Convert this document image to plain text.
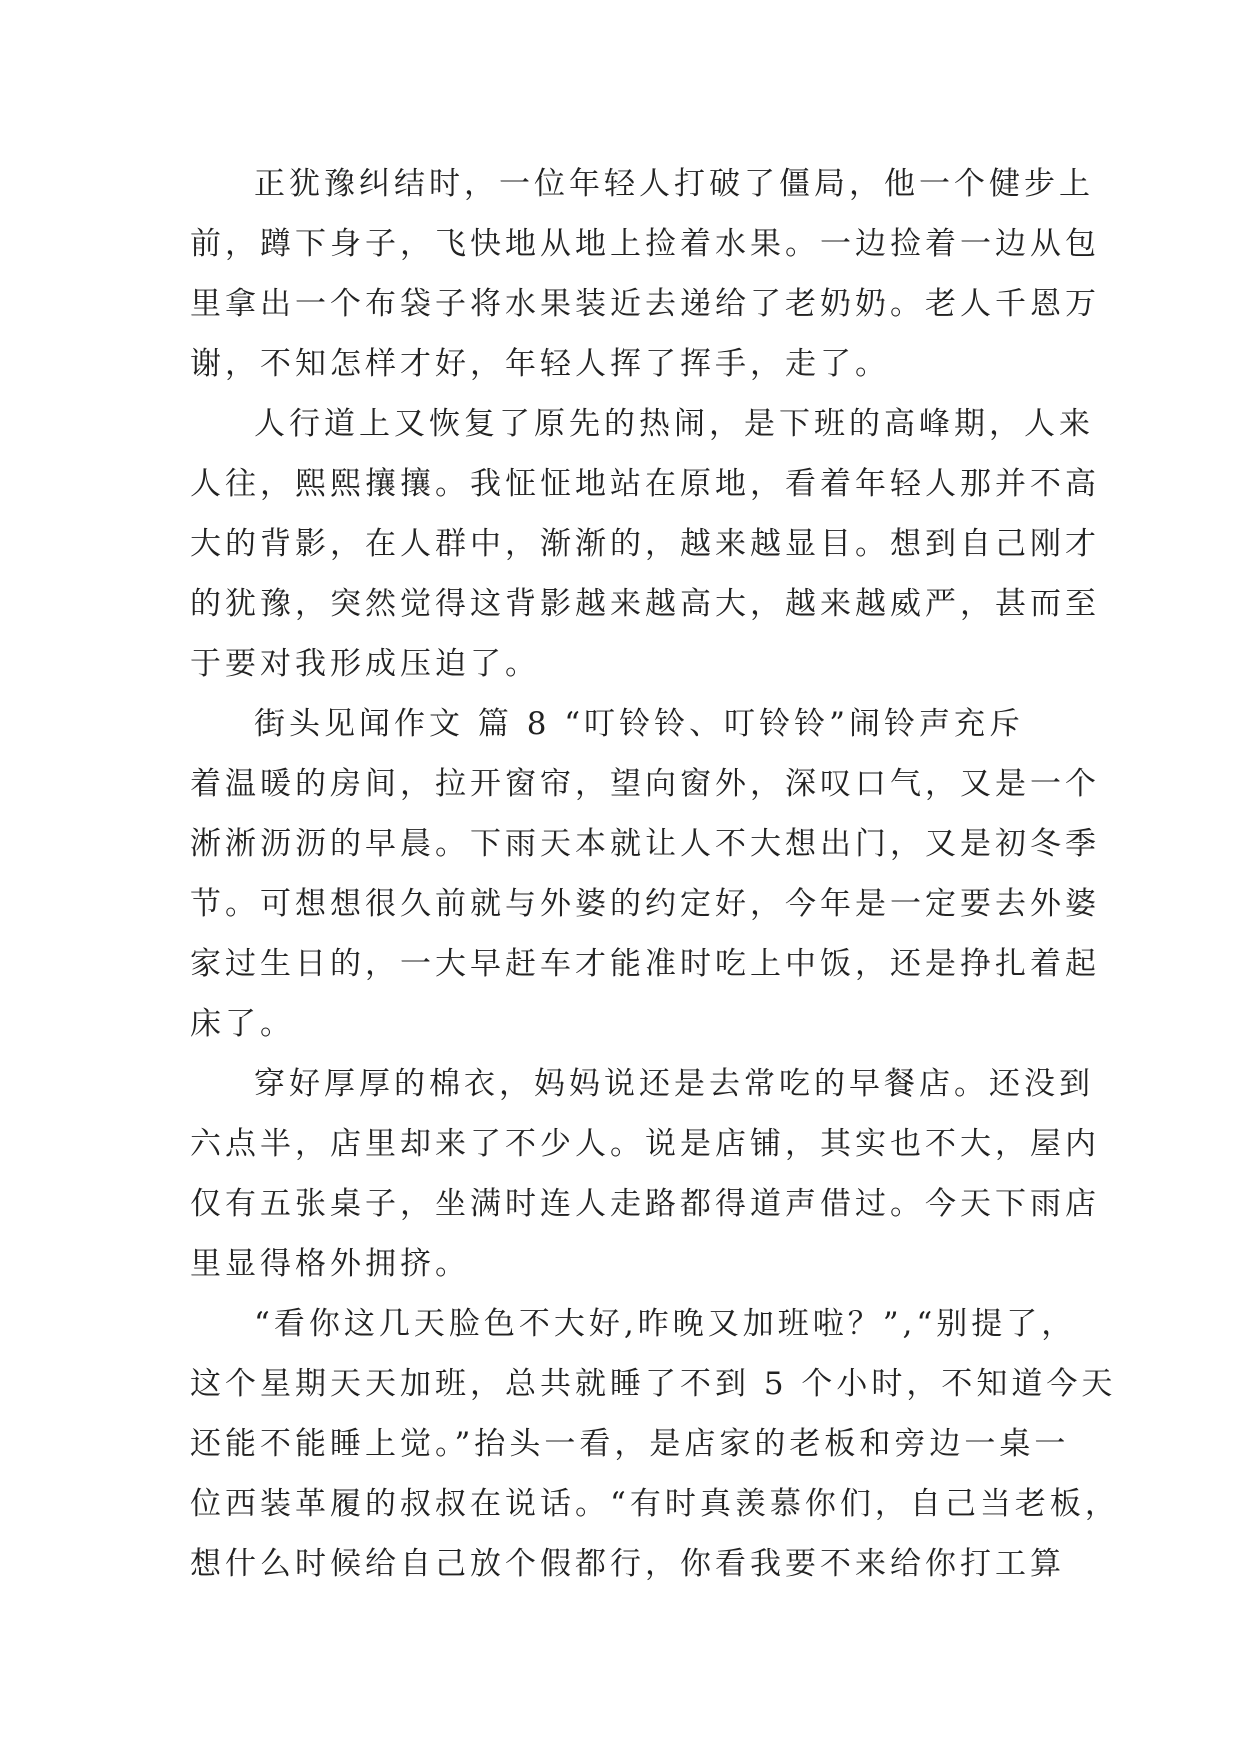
正犹豫纠结时，一位年轻人打破了僵局，他一个健步上
前，蹲下身子，飞快地从地上捡着水果。一边捡着一边从包
里拿出一个布袋子将水果装近去递给了老奶奶。老人千恩万
谢，不知怎样才好，年轻人挥了挥手，走了。
人行道上又恢复了原先的热闹，是下班的高峰期，人来
人往，熙熙攘攘。我怔怔地站在原地，看着年轻人那并不高
大的背影，在人群中，渐渐的，越来越显目。想到自己刚才
的犹豫，突然觉得这背影越来越高大，越来越威严，甚而至
于要对我形成压迫了。
街头见闻作文 篇 8 “叮铃铃、叮铃铃”闹铃声充斥
着温暖的房间，拉开窗帘，望向窗外，深叹口气，又是一个
淅淅沥沥的早晨。下雨天本就让人不大想出门，又是初冬季
节。可想想很久前就与外婆的约定好，今年是一定要去外婆
家过生日的，一大早赶车才能准时吃上中饭，还是挣扎着起
床了。
穿好厚厚的棉衣，妈妈说还是去常吃的早餐店。还没到
六点半，店里却来了不少人。说是店铺，其实也不大，屋内
仅有五张桌子，坐满时连人走路都得道声借过。今天下雨店
里显得格外拥挤。
“看你这几天脸色不大好,昨晚又加班啦？”,“别提了，
这个星期天天加班，总共就睡了不到 5 个小时，不知道今天
还能不能睡上觉。”抬头一看，是店家的老板和旁边一桌一
位西装革履的叔叔在说话。“有时真羡慕你们，自己当老板，
想什么时候给自己放个假都行，你看我要不来给你打工算
